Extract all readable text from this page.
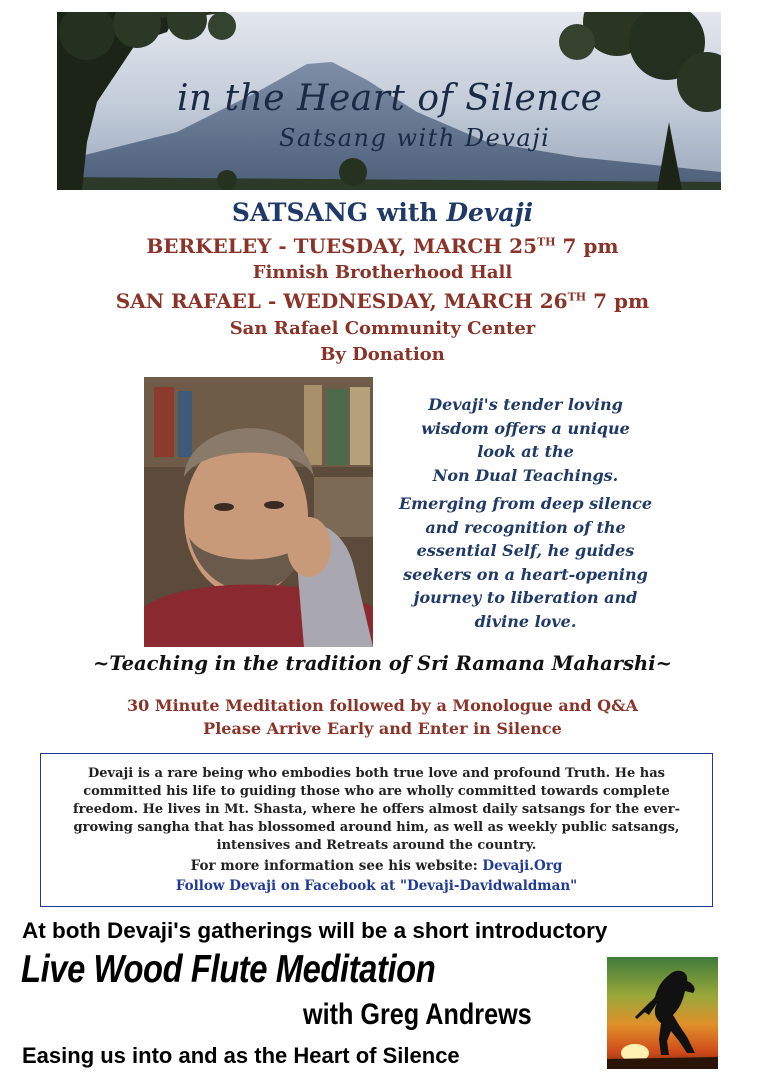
in the Heart of Silence
Satsang with Devaji
SATSANG with Devaji
BERKELEY - TUESDAY, MARCH 25TH 7 pm
Finnish Brotherhood Hall
SAN RAFAEL - WEDNESDAY, MARCH 26TH 7 pm
San Rafael Community Center
By Donation
Devaji's tender loving
wisdom offers a unique
look at the
Non Dual Teachings.
Emerging from deep silence
and recognition of the
essential Self, he guides
seekers on a heart-opening
journey to liberation and
divine love.
~Teaching in the tradition of Sri Ramana Maharshi~
30 Minute Meditation followed by a Monologue and Q&A
Please Arrive Early and Enter in Silence
Devaji is a rare being who embodies both true love and profound Truth. He has
committed his life to guiding those who are wholly committed towards complete
freedom. He lives in Mt. Shasta, where he offers almost daily satsangs for the ever-
growing sangha that has blossomed around him, as well as weekly public satsangs,
intensives and Retreats around the country.
For more information see his website: Devaji.Org
Follow Devaji on Facebook at "Devaji-Davidwaldman"
At both Devaji's gatherings will be a short introductory
Live Wood Flute Meditation
with Greg Andrews
Easing us into and as the Heart of Silence
